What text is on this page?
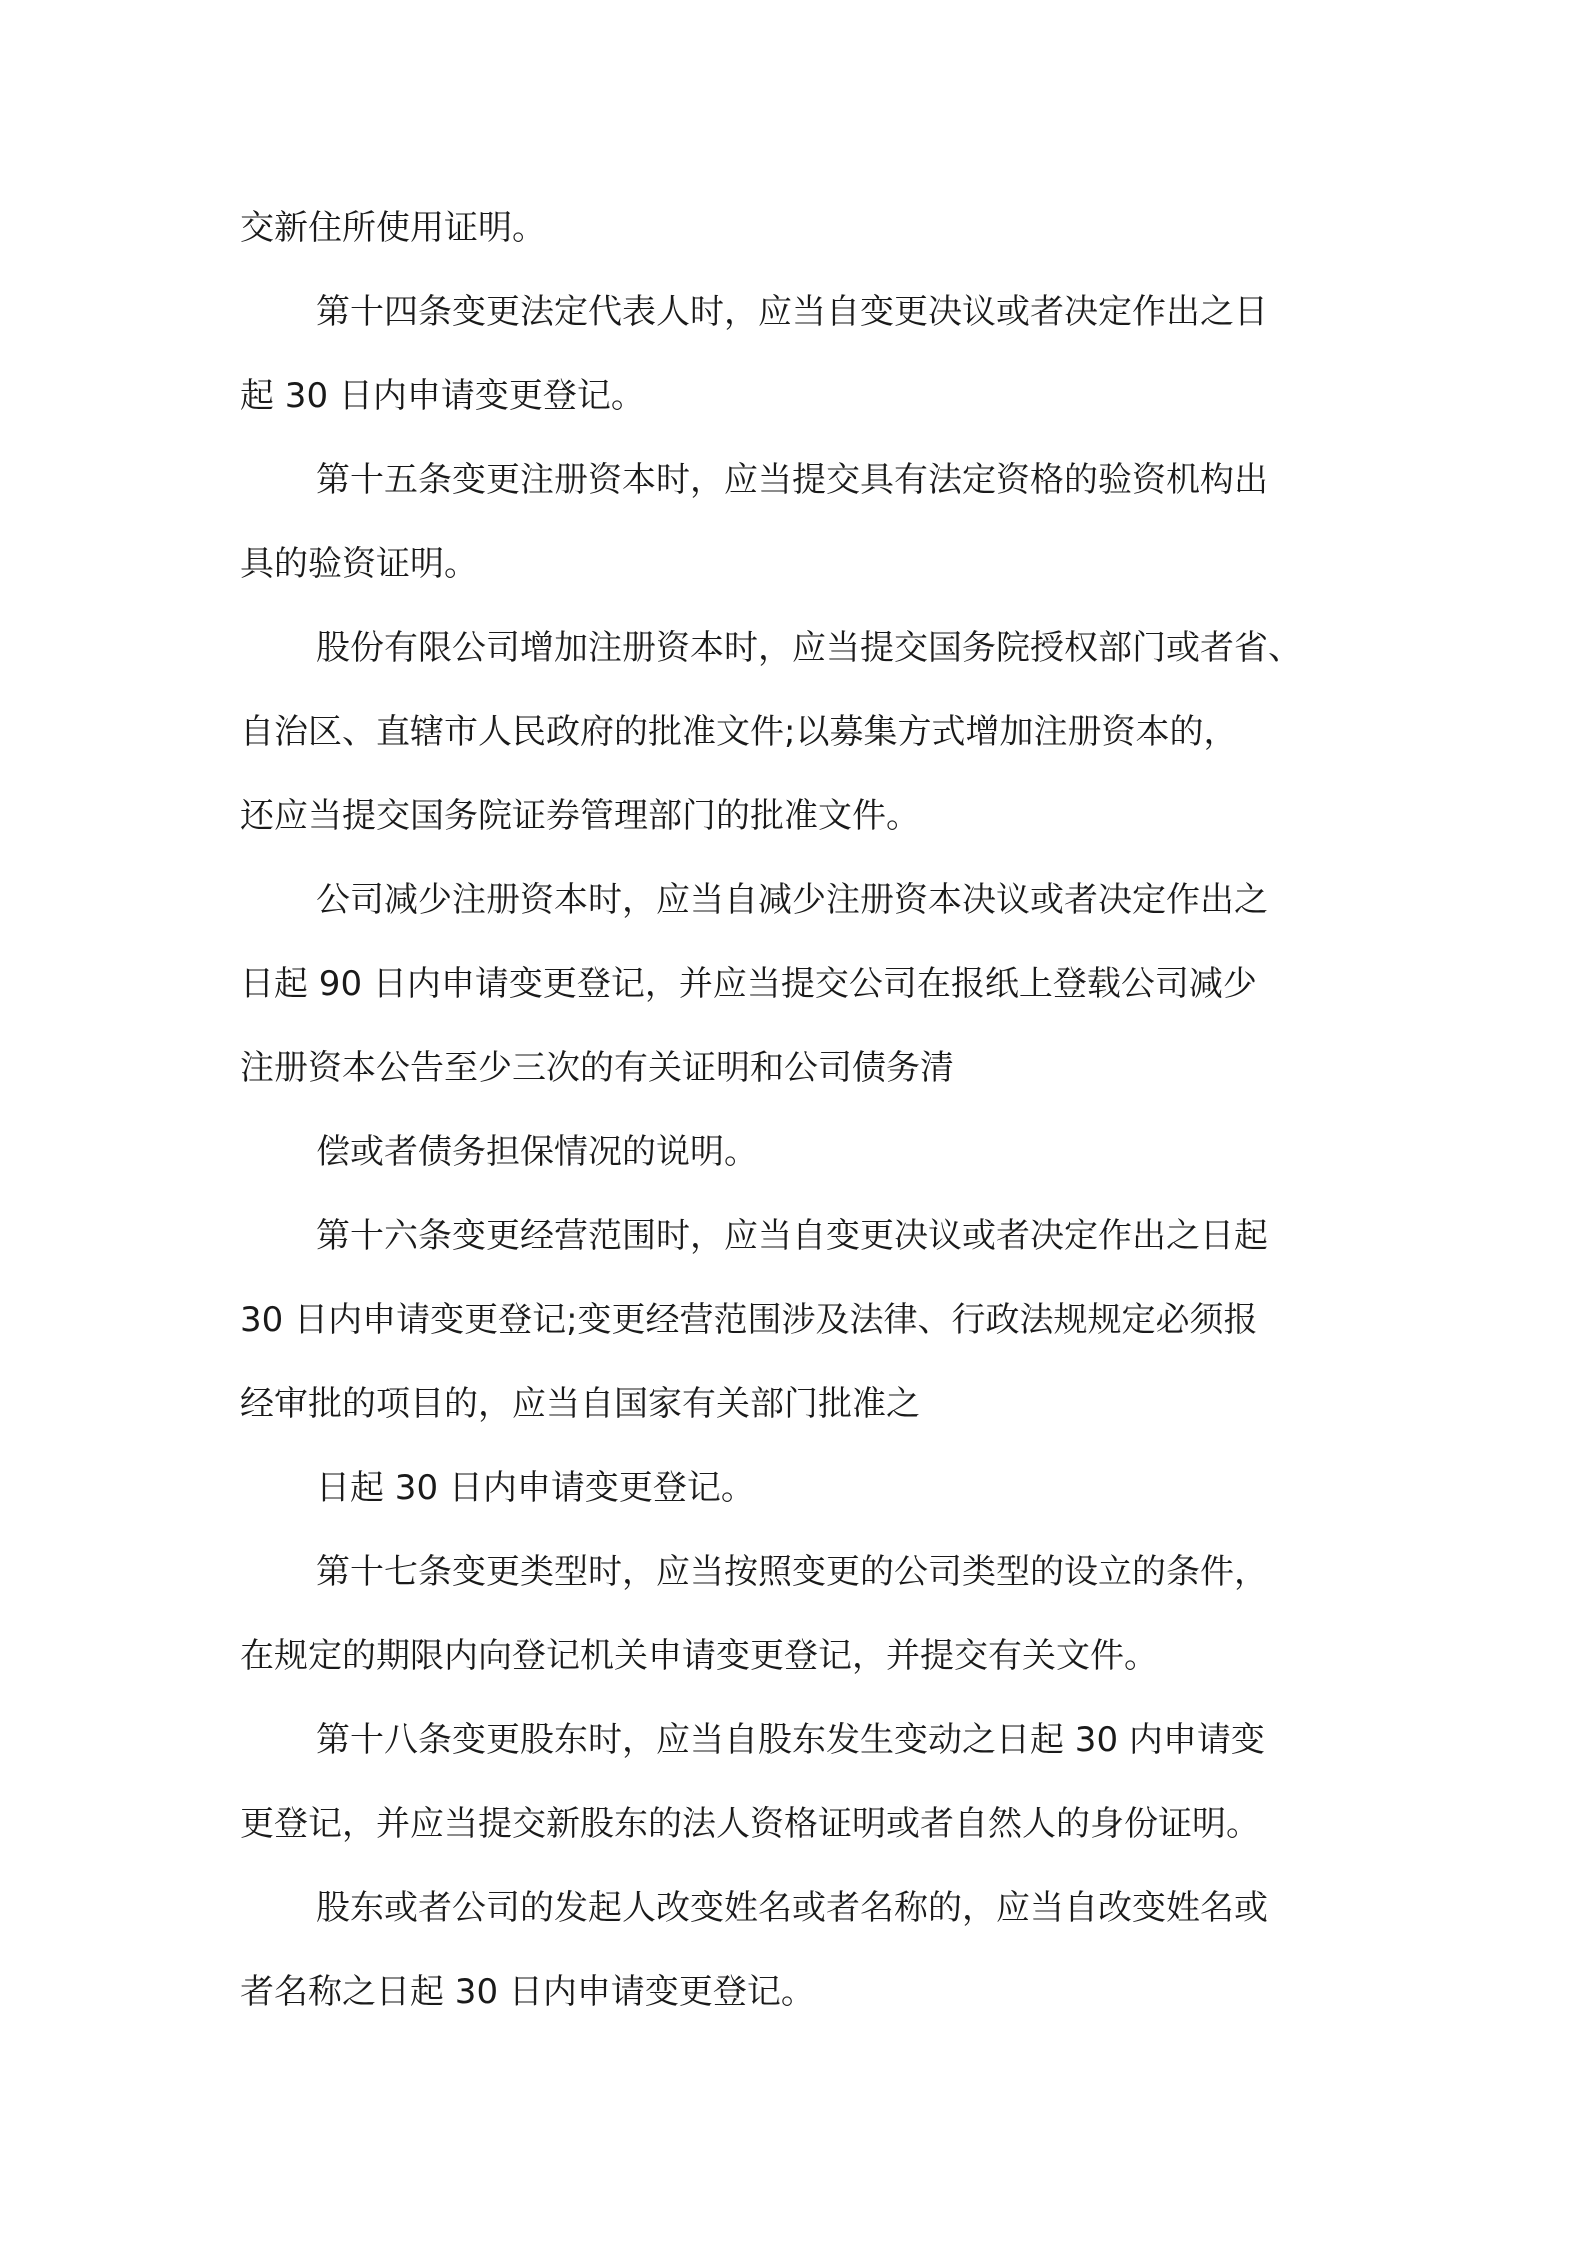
交新住所使用证明。

第十四条变更法定代表人时，应当自变更决议或者决定作出之日

起 30 日内申请变更登记。

第十五条变更注册资本时，应当提交具有法定资格的验资机构出

具的验资证明。

股份有限公司增加注册资本时，应当提交国务院授权部门或者省、

自治区、直辖市人民政府的批准文件;以募集方式增加注册资本的，

还应当提交国务院证券管理部门的批准文件。

公司减少注册资本时，应当自减少注册资本决议或者决定作出之

日起 90 日内申请变更登记，并应当提交公司在报纸上登载公司减少

注册资本公告至少三次的有关证明和公司债务清

偿或者债务担保情况的说明。

第十六条变更经营范围时，应当自变更决议或者决定作出之日起

30 日内申请变更登记;变更经营范围涉及法律、行政法规规定必须报

经审批的项目的，应当自国家有关部门批准之

日起 30 日内申请变更登记。

第十七条变更类型时，应当按照变更的公司类型的设立的条件，

在规定的期限内向登记机关申请变更登记，并提交有关文件。

第十八条变更股东时，应当自股东发生变动之日起 30 内申请变

更登记，并应当提交新股东的法人资格证明或者自然人的身份证明。

股东或者公司的发起人改变姓名或者名称的，应当自改变姓名或

者名称之日起 30 日内申请变更登记。
